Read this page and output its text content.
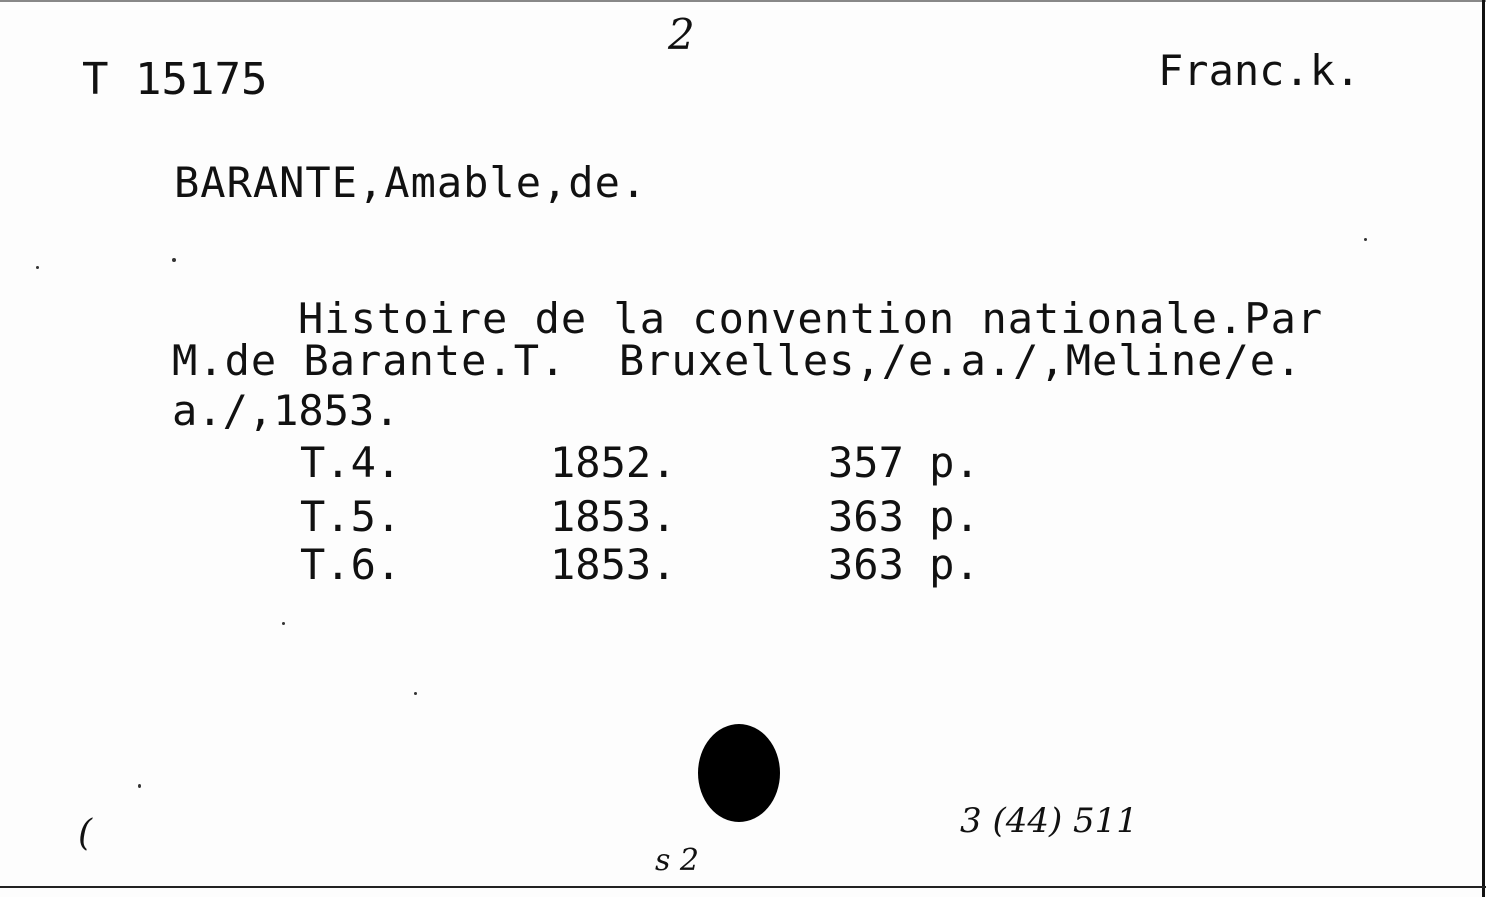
T 15175
2
Franc.k.
BARANTE,Amable,de.
Histoire de la convention nationale.Par
M.de Barante.T.  Bruxelles,/e.a./,Meline/e.
a./,1853.
T.4.	1852.	357 p.
T.5.	1853.	363 p.
T.6.	1853.	363 p.
(
s 2
3 (44) 511
